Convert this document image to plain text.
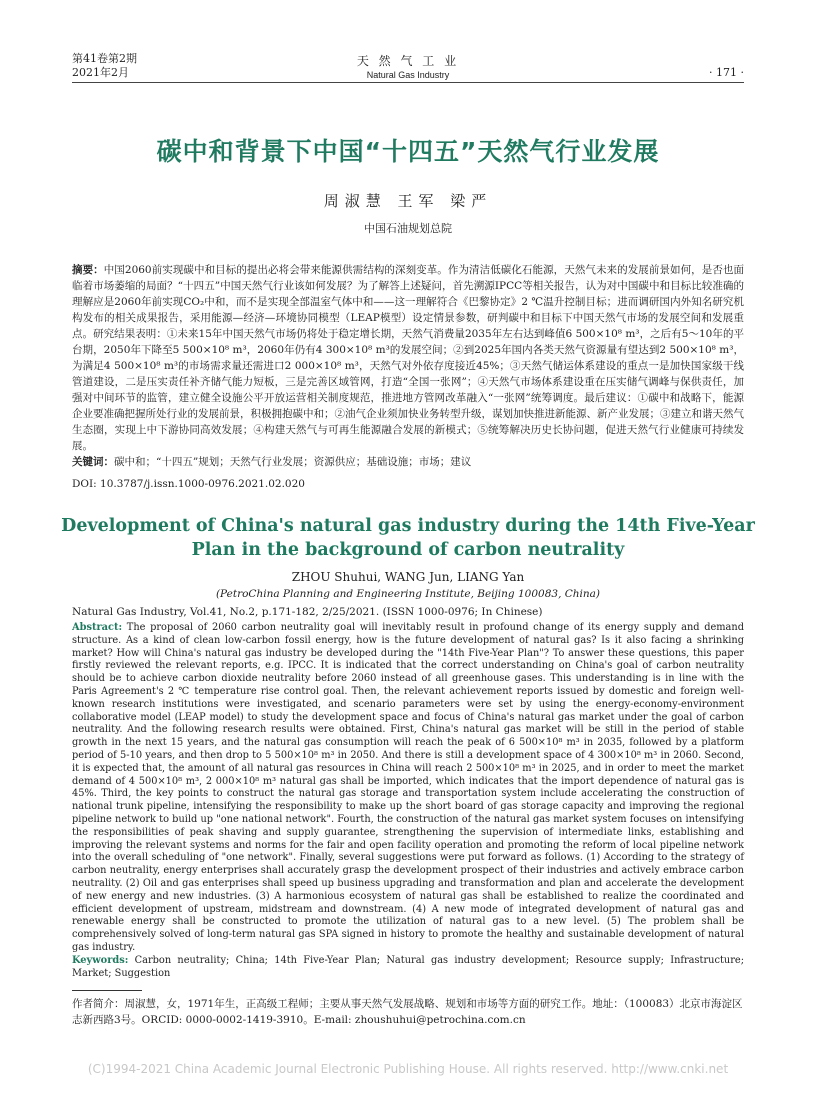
第41卷第2期
2021年2月
天 然 气 工 业
Natural Gas Industry	· 171 ·
碳中和背景下中国“十四五”天然气行业发展
周淑慧 王军 梁严
中国石油规划总院
摘要：中国2060前实现碳中和目标的提出必将会带来能源供需结构的深刻变革。作为清洁低碳化石能源，天然气未来的发展前景如何，是否也面临着市场萎缩的局面？“十四五”中国天然气行业该如何发展？为了解答上述疑问，首先溯源IPCC等相关报告，认为对中国碳中和目标比较准确的理解应是2060年前实现CO₂中和，而不是实现全部温室气体中和——这一理解符合《巴黎协定》2 ℃温升控制目标；进而调研国内外知名研究机构发布的相关成果报告，采用能源—经济—环境协同模型（LEAP模型）设定情景参数，研判碳中和目标下中国天然气市场的发展空间和发展重点。研究结果表明：①未来15年中国天然气市场仍将处于稳定增长期，天然气消费量2035年左右达到峰值6 500×10⁸ m³，之后有5～10年的平台期，2050年下降至5 500×10⁸ m³，2060年仍有4 300×10⁸ m³的发展空间；②到2025年国内各类天然气资源量有望达到2 500×10⁸ m³，为满足4 500×10⁸ m³的市场需求量还需进口2 000×10⁸ m³，天然气对外依存度接近45%；③天然气储运体系建设的重点一是加快国家级干线管道建设，二是压实责任补齐储气能力短板，三是完善区域管网，打造“全国一张网”；④天然气市场体系建设重在压实储气调峰与保供责任，加强对中间环节的监管，建立健全设施公平开放运营相关制度规范，推进地方管网改革融入“一张网”统筹调度。最后建议：①碳中和战略下，能源企业要准确把握所处行业的发展前景，积极拥抱碳中和；②油气企业须加快业务转型升级，谋划加快推进新能源、新产业发展；③建立和谐天然气生态圈，实现上中下游协同高效发展；④构建天然气与可再生能源融合发展的新模式；⑤统筹解决历史长协问题，促进天然气行业健康可持续发展。
关键词：碳中和；“十四五”规划；天然气行业发展；资源供应；基础设施；市场；建议
DOI: 10.3787/j.issn.1000-0976.2021.02.020
Development of China's natural gas industry during the 14th Five-Year Plan in the background of carbon neutrality
ZHOU Shuhui, WANG Jun, LIANG Yan
(PetroChina Planning and Engineering Institute, Beijing 100083, China)
Natural Gas Industry, Vol.41, No.2, p.171-182, 2/25/2021. (ISSN 1000-0976; In Chinese)
Abstract: The proposal of 2060 carbon neutrality goal will inevitably result in profound change of its energy supply and demand structure. As a kind of clean low-carbon fossil energy, how is the future development of natural gas? Is it also facing a shrinking market? How will China's natural gas industry be developed during the "14th Five-Year Plan"? To answer these questions, this paper firstly reviewed the relevant reports, e.g. IPCC. It is indicated that the correct understanding on China's goal of carbon neutrality should be to achieve carbon dioxide neutrality before 2060 instead of all greenhouse gases. This understanding is in line with the Paris Agreement's 2 ℃ temperature rise control goal. Then, the relevant achievement reports issued by domestic and foreign well-known research institutions were investigated, and scenario parameters were set by using the energy-economy-environment collaborative model (LEAP model) to study the development space and focus of China's natural gas market under the goal of carbon neutrality. And the following research results were obtained. First, China's natural gas market will be still in the period of stable growth in the next 15 years, and the natural gas consumption will reach the peak of 6 500×10⁸ m³ in 2035, followed by a platform period of 5-10 years, and then drop to 5 500×10⁸ m³ in 2050. And there is still a development space of 4 300×10⁸ m³ in 2060. Second, it is expected that, the amount of all natural gas resources in China will reach 2 500×10⁸ m³ in 2025, and in order to meet the market demand of 4 500×10⁸ m³, 2 000×10⁸ m³ natural gas shall be imported, which indicates that the import dependence of natural gas is 45%. Third, the key points to construct the natural gas storage and transportation system include accelerating the construction of national trunk pipeline, intensifying the responsibility to make up the short board of gas storage capacity and improving the regional pipeline network to build up "one national network". Fourth, the construction of the natural gas market system focuses on intensifying the responsibilities of peak shaving and supply guarantee, strengthening the supervision of intermediate links, establishing and improving the relevant systems and norms for the fair and open facility operation and promoting the reform of local pipeline network into the overall scheduling of "one network". Finally, several suggestions were put forward as follows. (1) According to the strategy of carbon neutrality, energy enterprises shall accurately grasp the development prospect of their industries and actively embrace carbon neutrality. (2) Oil and gas enterprises shall speed up business upgrading and transformation and plan and accelerate the development of new energy and new industries. (3) A harmonious ecosystem of natural gas shall be established to realize the coordinated and efficient development of upstream, midstream and downstream. (4) A new mode of integrated development of natural gas and renewable energy shall be constructed to promote the utilization of natural gas to a new level. (5) The problem shall be comprehensively solved of long-term natural gas SPA signed in history to promote the healthy and sustainable development of natural gas industry.
Keywords: Carbon neutrality; China; 14th Five-Year Plan; Natural gas industry development; Resource supply; Infrastructure; Market; Suggestion
作者简介：周淑慧，女，1971年生，正高级工程师；主要从事天然气发展战略、规划和市场等方面的研究工作。地址：（100083）北京市海淀区志新西路3号。ORCID: 0000-0002-1419-3910。E-mail: zhoushuhui@petrochina.com.cn
(C)1994-2021 China Academic Journal Electronic Publishing House. All rights reserved. http://www.cnki.net
